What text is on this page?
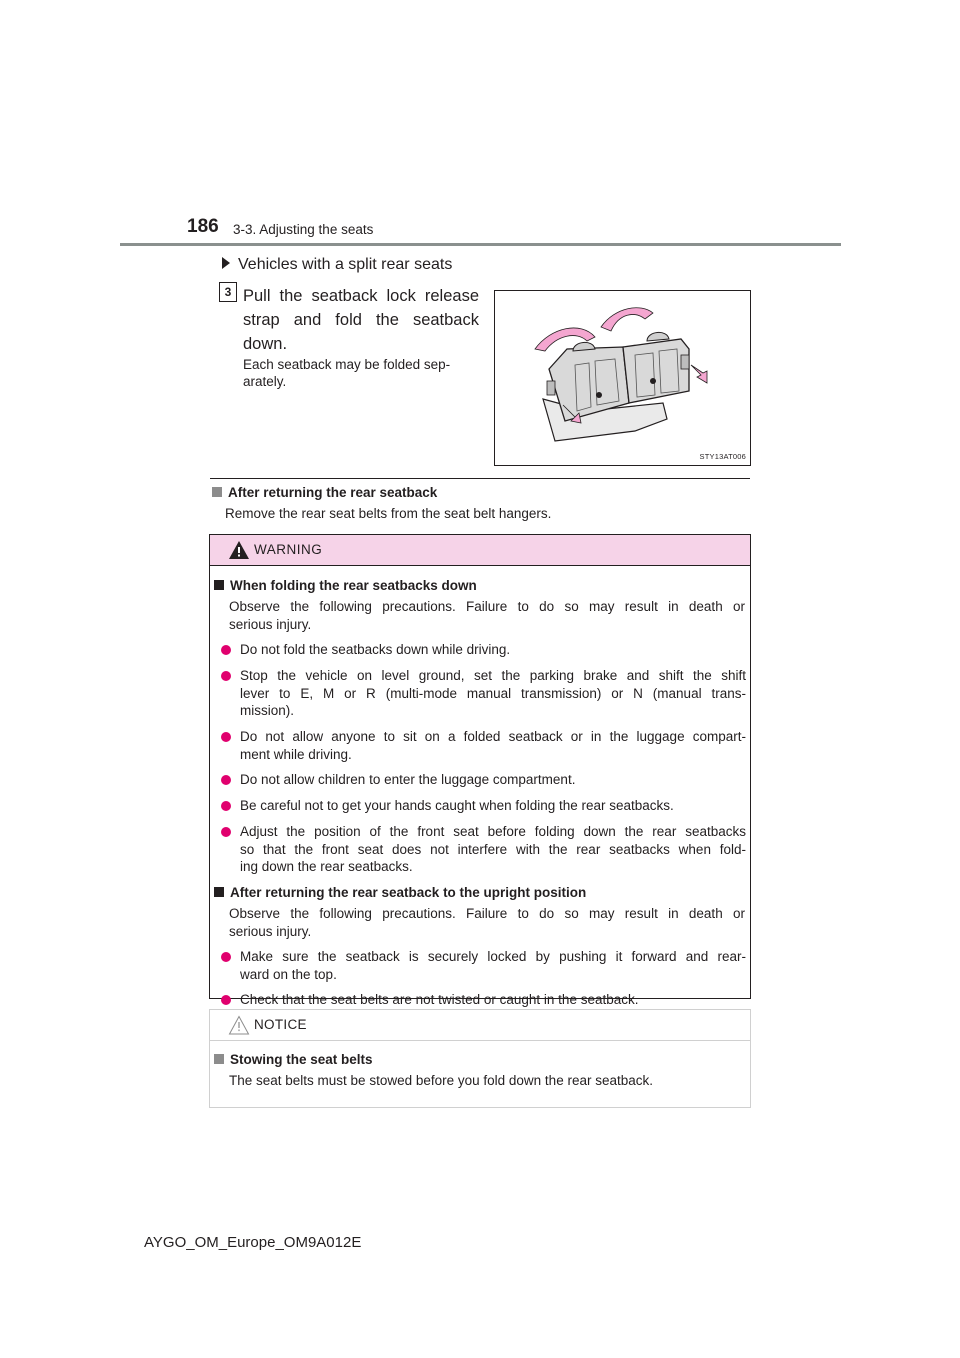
186 3-3. Adjusting the seats
Vehicles with a split rear seats
3 Pull the seatback lock release strap and fold the seatback down.
Each seatback may be folded sep-
arately.
STY13AT006
After returning the rear seatback
Remove the rear seat belts from the seat belt hangers.
WARNING
When folding the rear seatbacks down
Observe the following precautions. Failure to do so may result in death or
serious injury.
Do not fold the seatbacks down while driving.
Stop the vehicle on level ground, set the parking brake and shift the shift
lever to E, M or R (multi-mode manual transmission) or N (manual trans-
mission).
Do not allow anyone to sit on a folded seatback or in the luggage compart-
ment while driving.
Do not allow children to enter the luggage compartment.
Be careful not to get your hands caught when folding the rear seatbacks.
Adjust the position of the front seat before folding down the rear seatbacks
so that the front seat does not interfere with the rear seatbacks when fold-
ing down the rear seatbacks.
After returning the rear seatback to the upright position
Observe the following precautions. Failure to do so may result in death or
serious injury.
Make sure the seatback is securely locked by pushing it forward and rear-
ward on the top.
Check that the seat belts are not twisted or caught in the seatback.
NOTICE
Stowing the seat belts
The seat belts must be stowed before you fold down the rear seatback.
AYGO_OM_Europe_OM9A012E
